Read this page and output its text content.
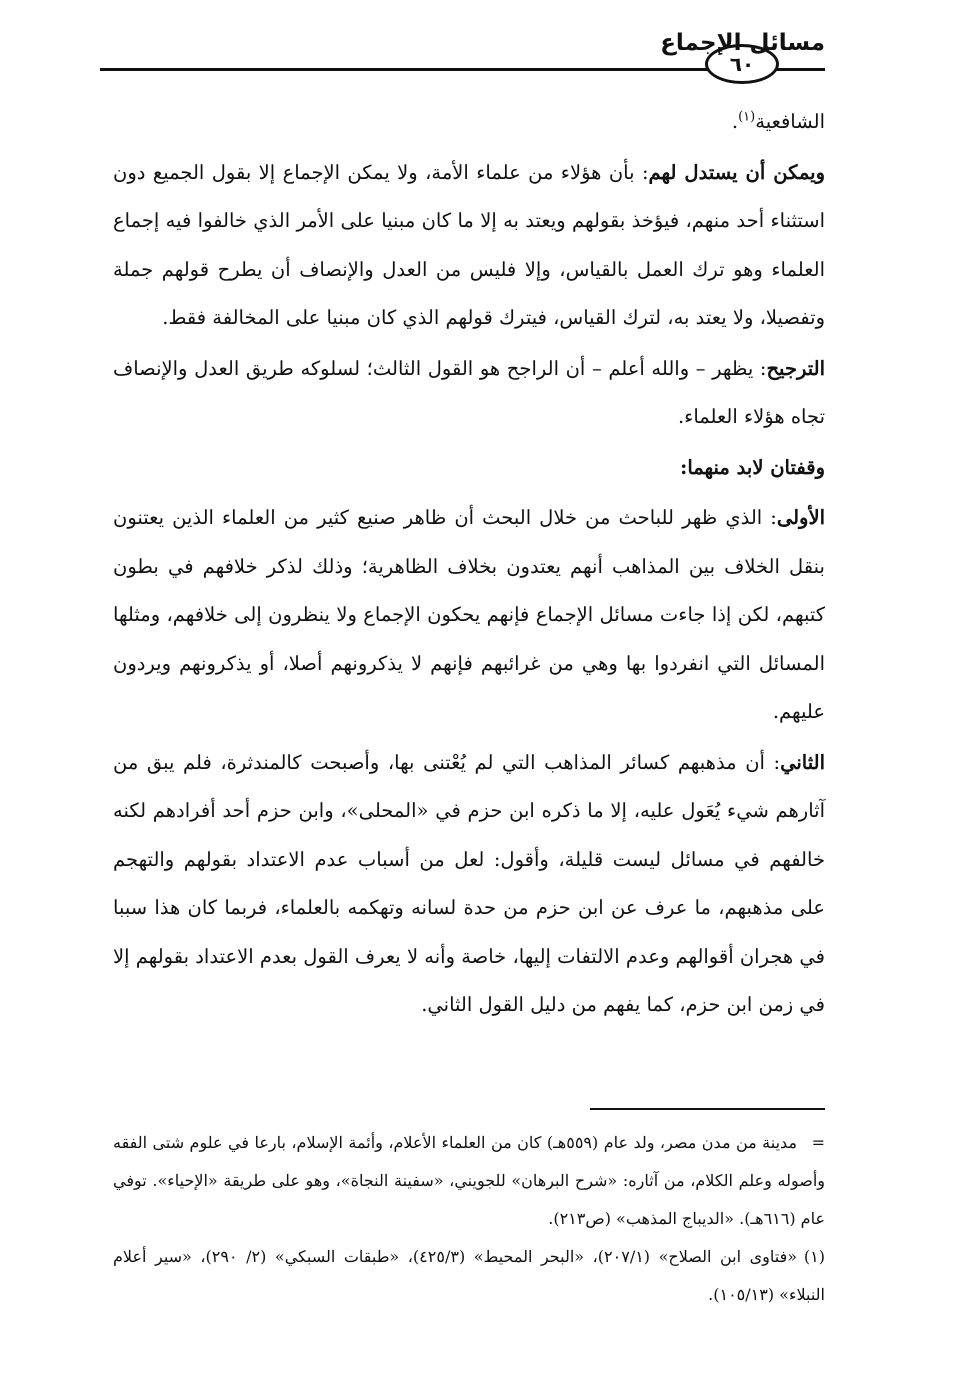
٦٠
مسائل الإجماع

الشافعية$^{(١)}$.

ويمكن أن يستدل لهم: بأن هؤلاء من علماء الأمة، ولا يمكن الإجماع إلا بقول الجميع دون استثناء أحد منهم، فيؤخذ بقولهم ويعتد به إلا ما كان مبنيا على الأمر الذي خالفوا فيه إجماع العلماء وهو ترك العمل بالقياس، وإلا فليس من العدل والإنصاف أن يطرح قولهم جملة وتفصيلا، ولا يعتد به، لترك القياس، فيترك قولهم الذي كان مبنيا على المخالفة فقط.

الترجيح: يظهر – والله أعلم – أن الراجح هو القول الثالث؛ لسلوكه طريق العدل والإنصاف تجاه هؤلاء العلماء.

وقفتان لابد منهما:

الأولى: الذي ظهر للباحث من خلال البحث أن ظاهر صنيع كثير من العلماء الذين يعتنون بنقل الخلاف بين المذاهب أنهم يعتدون بخلاف الظاهرية؛ وذلك لذكر خلافهم في بطون كتبهم، لكن إذا جاءت مسائل الإجماع فإنهم يحكون الإجماع ولا ينظرون إلى خلافهم، ومثلها المسائل التي انفردوا بها وهي من غرائبهم فإنهم لا يذكرونهم أصلا، أو يذكرونهم ويردون عليهم.

الثاني: أن مذهبهم كسائر المذاهب التي لم يُعْتنى بها، وأصبحت كالمندثرة، فلم يبق من آثارهم شيء يُعَول عليه، إلا ما ذكره ابن حزم في «المحلى»، وابن حزم أحد أفرادهم لكنه خالفهم في مسائل ليست قليلة، وأقول: لعل من أسباب عدم الاعتداد بقولهم والتهجم على مذهبهم، ما عرف عن ابن حزم من حدة لسانه وتهكمه بالعلماء، فربما كان هذا سببا في هجران أقوالهم وعدم الالتفات إليها، خاصة وأنه لا يعرف القول بعدم الاعتداد بقولهم إلا في زمن ابن حزم، كما يفهم من دليل القول الثاني.

=مدينة من مدن مصر، ولد عام (٥٥٩هـ) كان من العلماء الأعلام، وأئمة الإسلام، بارعا في علوم شتى الفقه وأصوله وعلم الكلام، من آثاره: «شرح البرهان» للجويني، «سفينة النجاة»، وهو على طريقة «الإحياء». توفي عام (٦١٦هـ). «الديباج المذهب» (ص٢١٣).

(١)«فتاوى ابن الصلاح» (٢٠٧/١)، «البحر المحيط» (٤٢٥/٣)، «طبقات السبكي» (٢/ ٢٩٠)، «سير أعلام النبلاء» (١٠٥/١٣).
